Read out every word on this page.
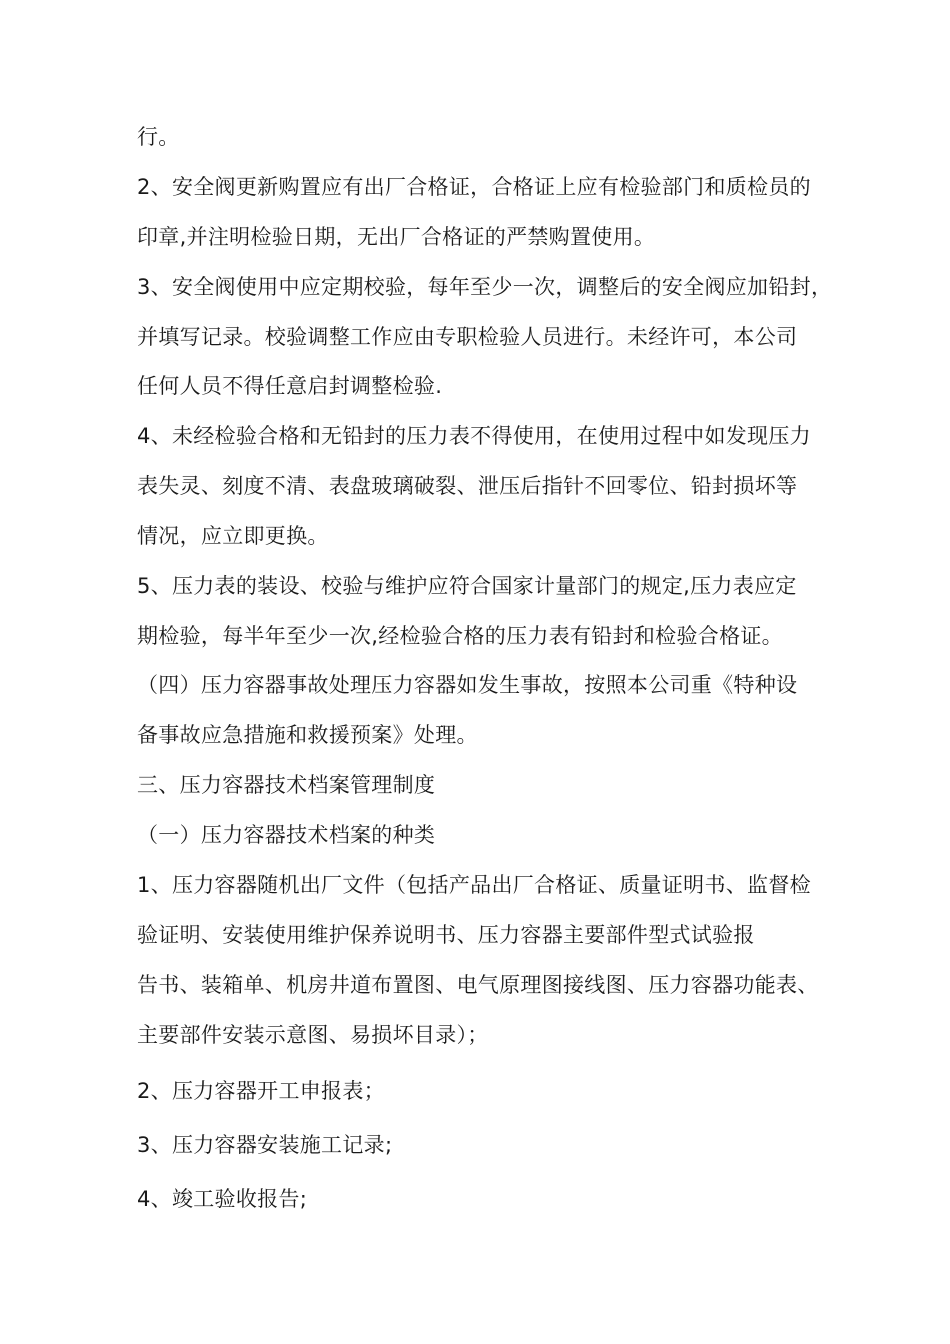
行。
2、安全阀更新购置应有出厂合格证，合格证上应有检验部门和质检员的
印章,并注明检验日期，无出厂合格证的严禁购置使用。
3、安全阀使用中应定期校验，每年至少一次，调整后的安全阀应加铅封，
并填写记录。校验调整工作应由专职检验人员进行。未经许可，本公司
任何人员不得任意启封调整检验.
4、未经检验合格和无铅封的压力表不得使用，在使用过程中如发现压力
表失灵、刻度不清、表盘玻璃破裂、泄压后指针不回零位、铅封损坏等
情况，应立即更换。
5、压力表的装设、校验与维护应符合国家计量部门的规定,压力表应定
期检验，每半年至少一次,经检验合格的压力表有铅封和检验合格证。
（四）压力容器事故处理压力容器如发生事故，按照本公司重《特种设
备事故应急措施和救援预案》处理。
三、压力容器技术档案管理制度
（一）压力容器技术档案的种类
1、压力容器随机出厂文件（包括产品出厂合格证、质量证明书、监督检
验证明、安装使用维护保养说明书、压力容器主要部件型式试验报
告书、装箱单、机房井道布置图、电气原理图接线图、压力容器功能表、
主要部件安装示意图、易损坏目录）；
2、压力容器开工申报表；
3、压力容器安装施工记录;
4、竣工验收报告;
